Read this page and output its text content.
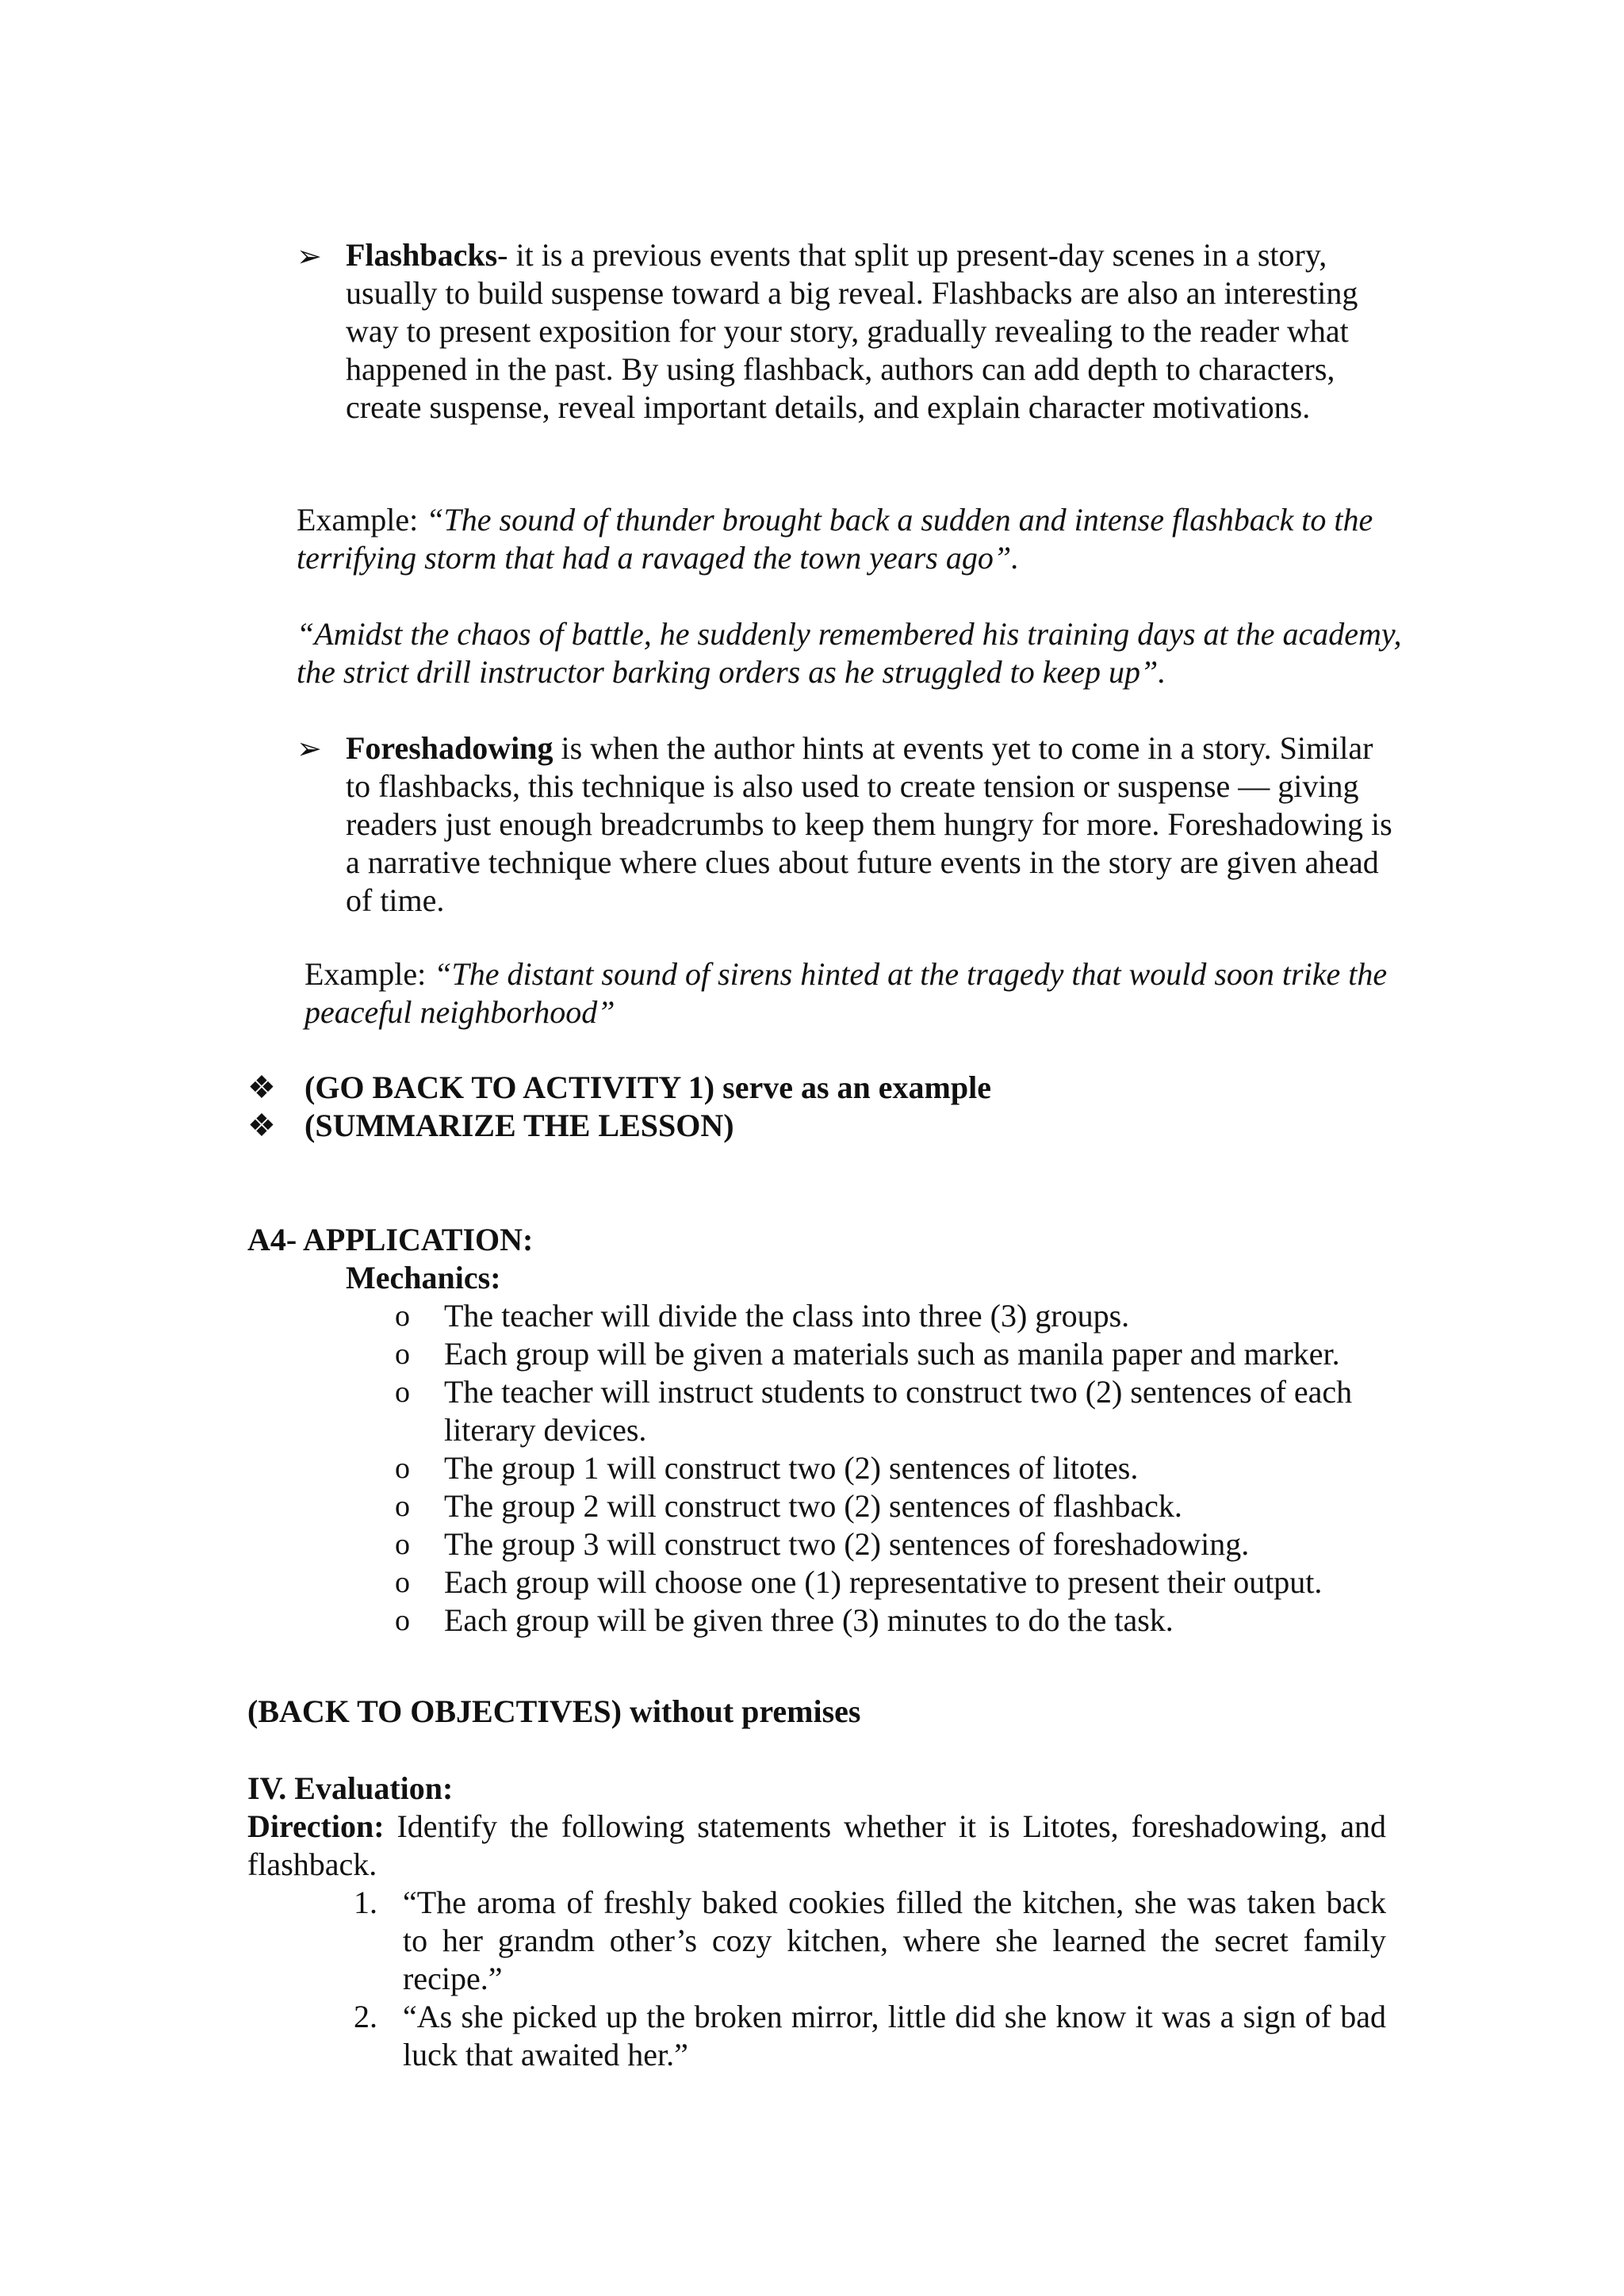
➢ Flashbacks- it is a previous events that split up present-day scenes in a story, usually to build suspense toward a big reveal. Flashbacks are also an interesting way to present exposition for your story, gradually revealing to the reader what happened in the past. By using flashback, authors can add depth to characters, create suspense, reveal important details, and explain character motivations.
Example: “The sound of thunder brought back a sudden and intense flashback to the terrifying storm that had a ravaged the town years ago”.
“Amidst the chaos of battle, he suddenly remembered his training days at the academy, the strict drill instructor barking orders as he struggled to keep up”.
➢ Foreshadowing is when the author hints at events yet to come in a story. Similar to flashbacks, this technique is also used to create tension or suspense — giving readers just enough breadcrumbs to keep them hungry for more. Foreshadowing is a narrative technique where clues about future events in the story are given ahead of time.
Example: “The distant sound of sirens hinted at the tragedy that would soon trike the peaceful neighborhood”
❖ (GO BACK TO ACTIVITY 1) serve as an example
❖ (SUMMARIZE THE LESSON)
A4- APPLICATION:
Mechanics:
o The teacher will divide the class into three (3) groups.
o Each group will be given a materials such as manila paper and marker.
o The teacher will instruct students to construct two (2) sentences of each literary devices.
o The group 1 will construct two (2) sentences of litotes.
o The group 2 will construct two (2) sentences of flashback.
o The group 3 will construct two (2) sentences of foreshadowing.
o Each group will choose one (1) representative to present their output.
o Each group will be given three (3) minutes to do the task.
(BACK TO OBJECTIVES) without premises
IV. Evaluation:
Direction: Identify the following statements whether it is Litotes, foreshadowing, and flashback.
1. “The aroma of freshly baked cookies filled the kitchen, she was taken back to her grandm other’s cozy kitchen, where she learned the secret family recipe.”
2. “As she picked up the broken mirror, little did she know it was a sign of bad luck that awaited her.”
